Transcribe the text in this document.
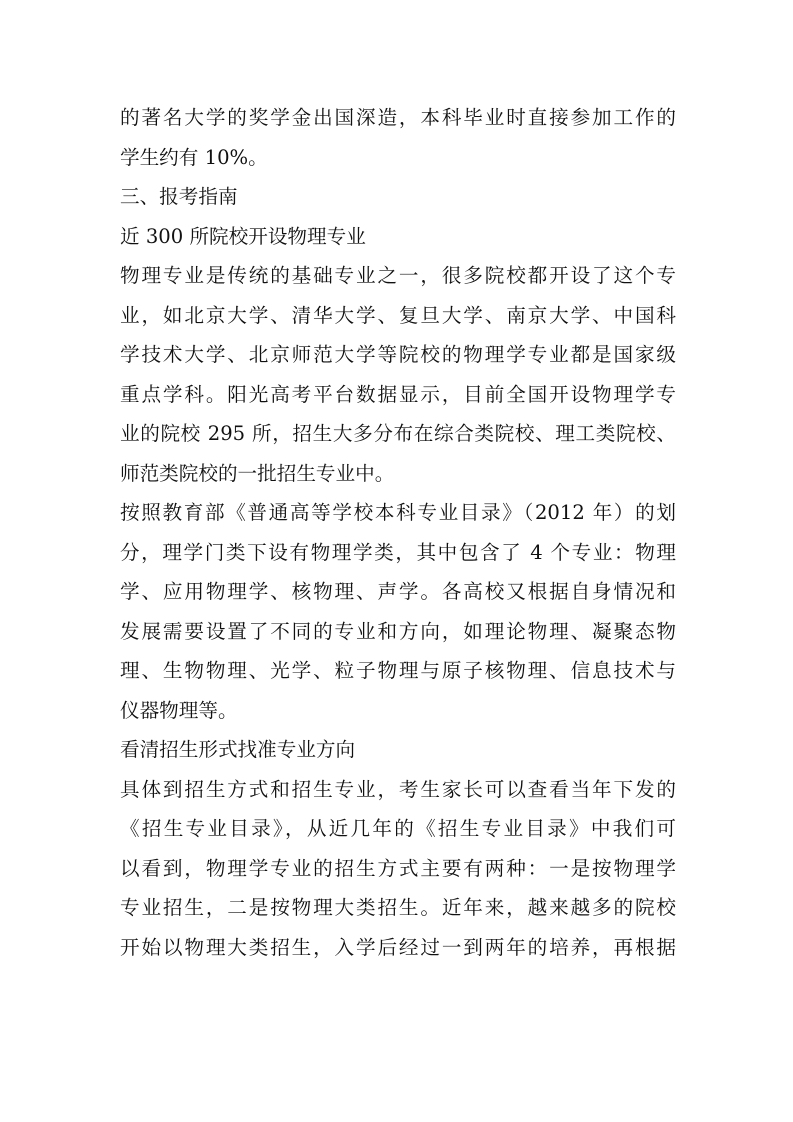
的著名大学的奖学金出国深造，本科毕业时直接参加工作的

学生约有 10%。

三、报考指南

近 300 所院校开设物理专业

物理专业是传统的基础专业之一，很多院校都开设了这个专

业，如北京大学、清华大学、复旦大学、南京大学、中国科

学技术大学、北京师范大学等院校的物理学专业都是国家级

重点学科。阳光高考平台数据显示，目前全国开设物理学专

业的院校 295 所，招生大多分布在综合类院校、理工类院校、

师范类院校的一批招生专业中。

按照教育部《普通高等学校本科专业目录》（2012 年）的划

分，理学门类下设有物理学类，其中包含了 4 个专业：物理

学、应用物理学、核物理、声学。各高校又根据自身情况和

发展需要设置了不同的专业和方向，如理论物理、凝聚态物

理、生物物理、光学、粒子物理与原子核物理、信息技术与

仪器物理等。

看清招生形式找准专业方向

具体到招生方式和招生专业，考生家长可以查看当年下发的

《招生专业目录》，从近几年的《招生专业目录》中我们可

以看到，物理学专业的招生方式主要有两种：一是按物理学

专业招生，二是按物理大类招生。近年来，越来越多的院校

开始以物理大类招生，入学后经过一到两年的培养，再根据
